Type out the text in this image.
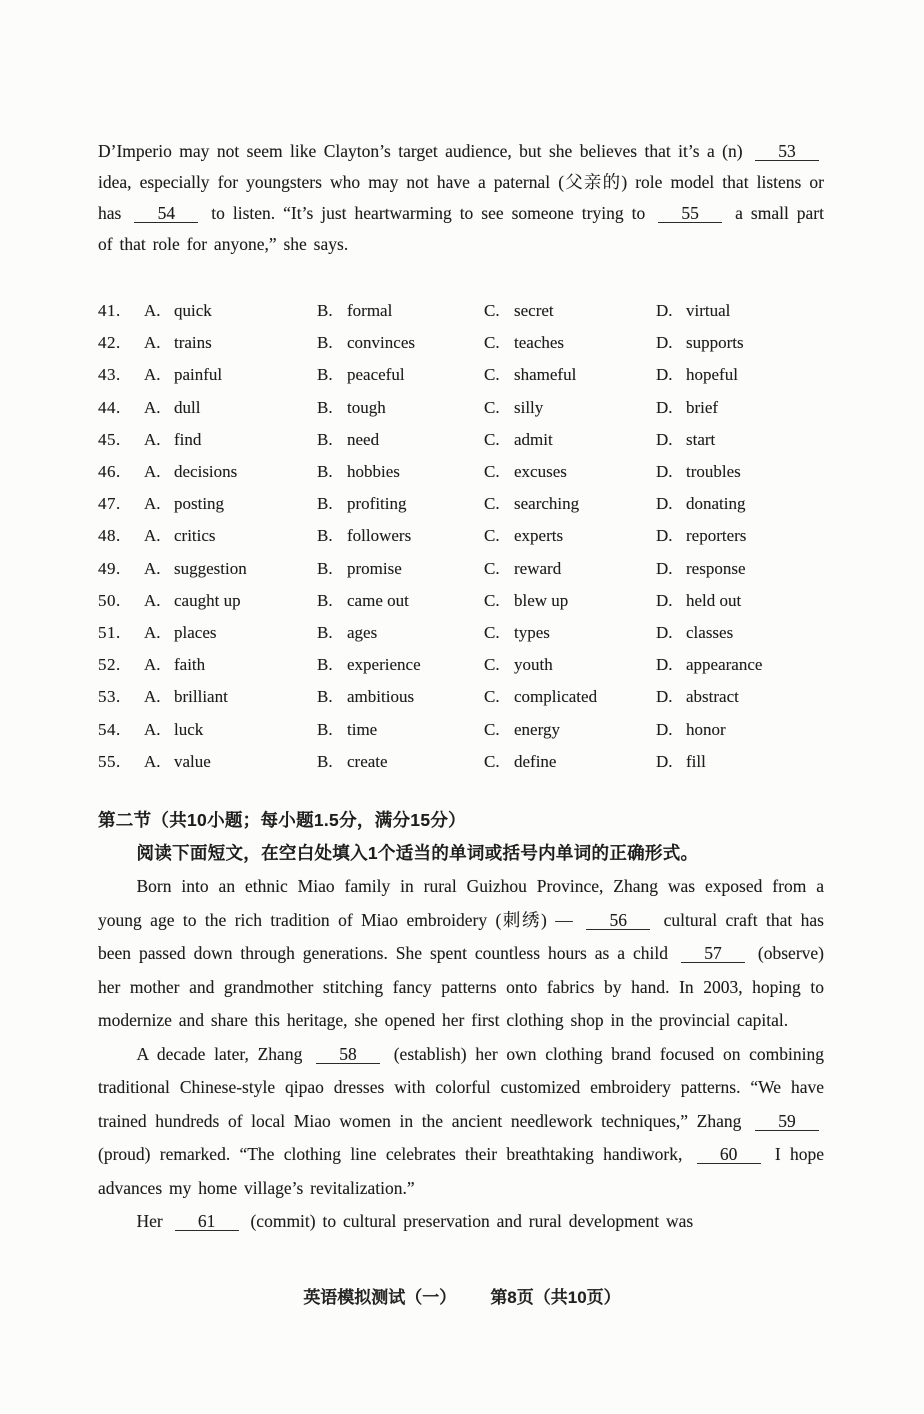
D’Imperio may not seem like Clayton’s target audience, but she believes that it’s a (n) 53 idea, especially for youngsters who may not have a paternal (父亲的) role model that listens or has 54 to listen. “It’s just heartwarming to see someone trying to 55 a small part of that role for anyone,” she says.

41.	A. quick	B. formal	C. secret	D. virtual
42.	A. trains	B. convinces	C. teaches	D. supports
43.	A. painful	B. peaceful	C. shameful	D. hopeful
44.	A. dull	B. tough	C. silly	D. brief
45.	A. find	B. need	C. admit	D. start
46.	A. decisions	B. hobbies	C. excuses	D. troubles
47.	A. posting	B. profiting	C. searching	D. donating
48.	A. critics	B. followers	C. experts	D. reporters
49.	A. suggestion	B. promise	C. reward	D. response
50.	A. caught up	B. came out	C. blew up	D. held out
51.	A. places	B. ages	C. types	D. classes
52.	A. faith	B. experience	C. youth	D. appearance
53.	A. brilliant	B. ambitious	C. complicated	D. abstract
54.	A. luck	B. time	C. energy	D. honor
55.	A. value	B. create	C. define	D. fill

第二节（共10小题；每小题1.5分，满分15分）

阅读下面短文，在空白处填入1个适当的单词或括号内单词的正确形式。

Born into an ethnic Miao family in rural Guizhou Province, Zhang was exposed from a young age to the rich tradition of Miao embroidery (刺绣) — 56 cultural craft that has been passed down through generations. She spent countless hours as a child 57 (observe) her mother and grandmother stitching fancy patterns onto fabrics by hand. In 2003, hoping to modernize and share this heritage, she opened her first clothing shop in the provincial capital.

A decade later, Zhang 58 (establish) her own clothing brand focused on combining traditional Chinese-style qipao dresses with colorful customized embroidery patterns. “We have trained hundreds of local Miao women in the ancient needlework techniques,” Zhang 59 (proud) remarked. “The clothing line celebrates their breathtaking handiwork, 60 I hope advances my home village’s revitalization.”

Her 61 (commit) to cultural preservation and rural development was

英语模拟测试（一） 第8页（共10页）
